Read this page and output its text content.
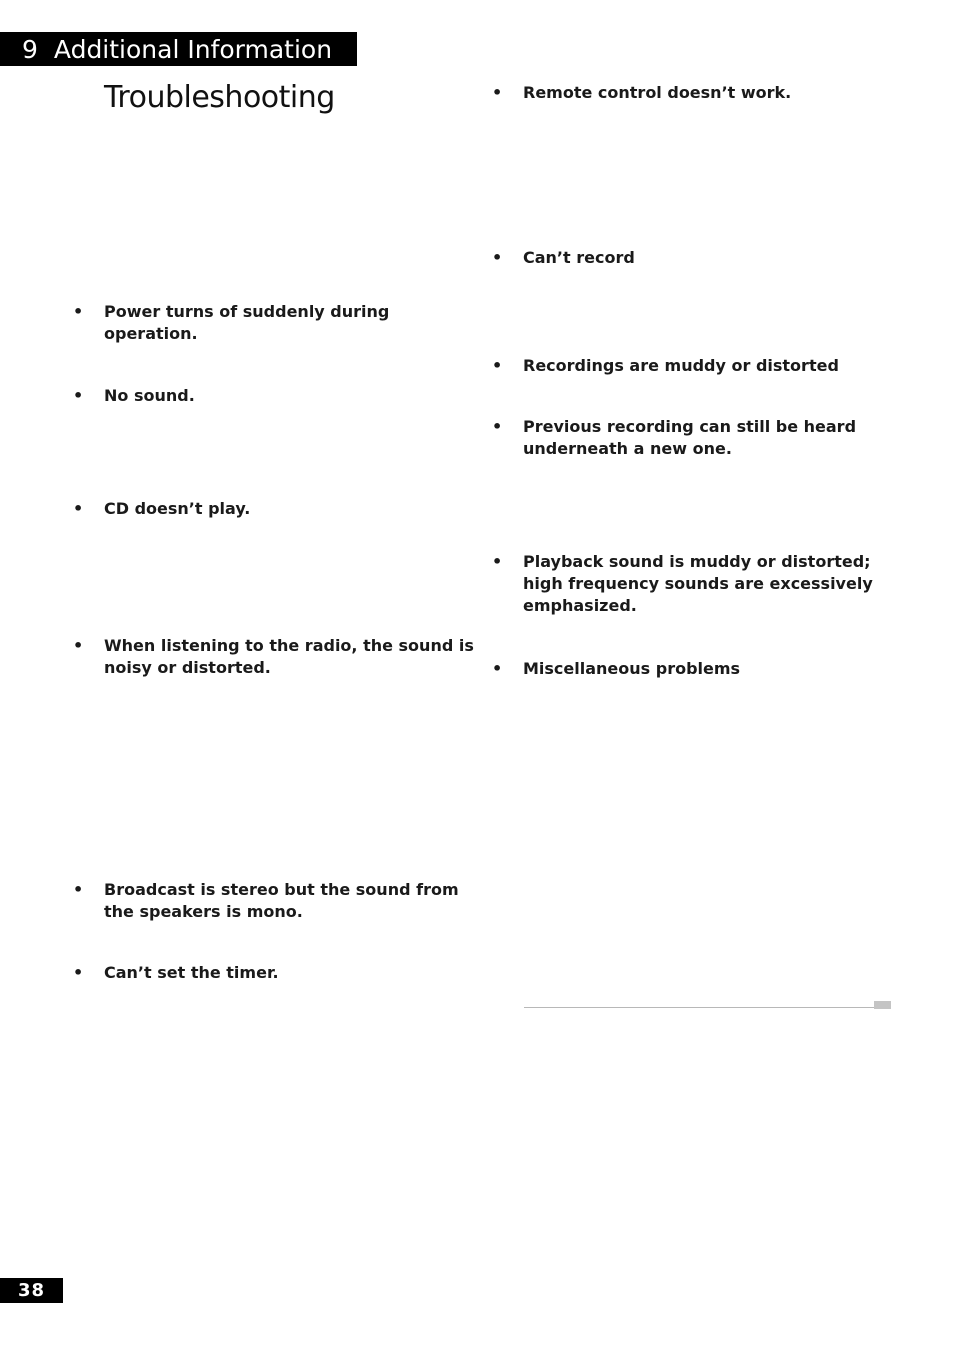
9 Additional Information
Troubleshooting
• Power turns of suddenly during operation.
• No sound.
• CD doesn’t play.
• When listening to the radio, the sound is noisy or distorted.
• Broadcast is stereo but the sound from the speakers is mono.
• Can’t set the timer.
• Remote control doesn’t work.
• Can’t record
• Recordings are muddy or distorted
• Previous recording can still be heard underneath a new one.
• Playback sound is muddy or distorted; high frequency sounds are excessively emphasized.
• Miscellaneous problems
38
